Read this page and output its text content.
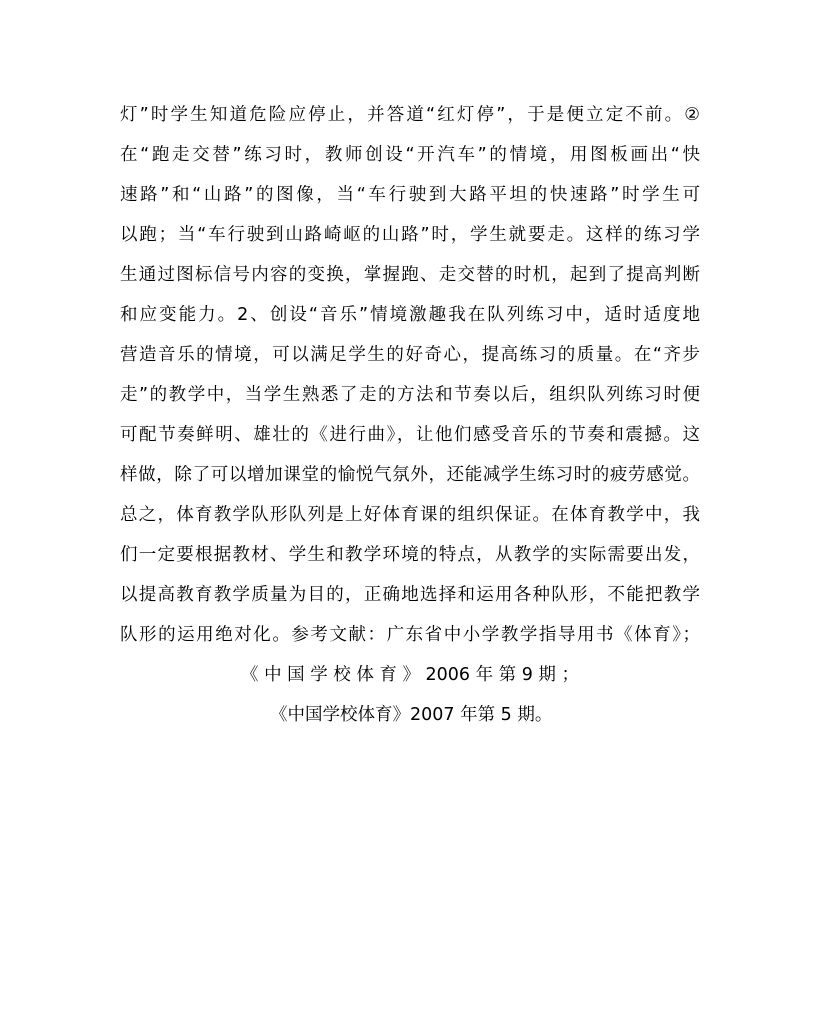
灯”时学生知道危险应停止，并答道“红灯停”，于是便立定不前。②
在“跑走交替”练习时，教师创设“开汽车”的情境，用图板画出“快
速路”和“山路”的图像，当“车行驶到大路平坦的快速路”时学生可
以跑；当“车行驶到山路崎岖的山路”时，学生就要走。这样的练习学
生通过图标信号内容的变换，掌握跑、走交替的时机，起到了提高判断
和应变能力。2、创设“音乐”情境激趣我在队列练习中，适时适度地
营造音乐的情境，可以满足学生的好奇心，提高练习的质量。在“齐步
走”的教学中，当学生熟悉了走的方法和节奏以后，组织队列练习时便
可配节奏鲜明、雄壮的《进行曲》，让他们感受音乐的节奏和震撼。这
样做，除了可以增加课堂的愉悦气氛外，还能减学生练习时的疲劳感觉。
总之，体育教学队形队列是上好体育课的组织保证。在体育教学中，我
们一定要根据教材、学生和教学环境的特点，从教学的实际需要出发，
以提高教育教学质量为目的，正确地选择和运用各种队形，不能把教学
队形的运用绝对化。参考文献：广东省中小学教学指导用书《体育》；
《 中 国 学 校 体 育 》 2006 年 第 9 期 ；
《中国学校体育》2007 年第 5 期。
